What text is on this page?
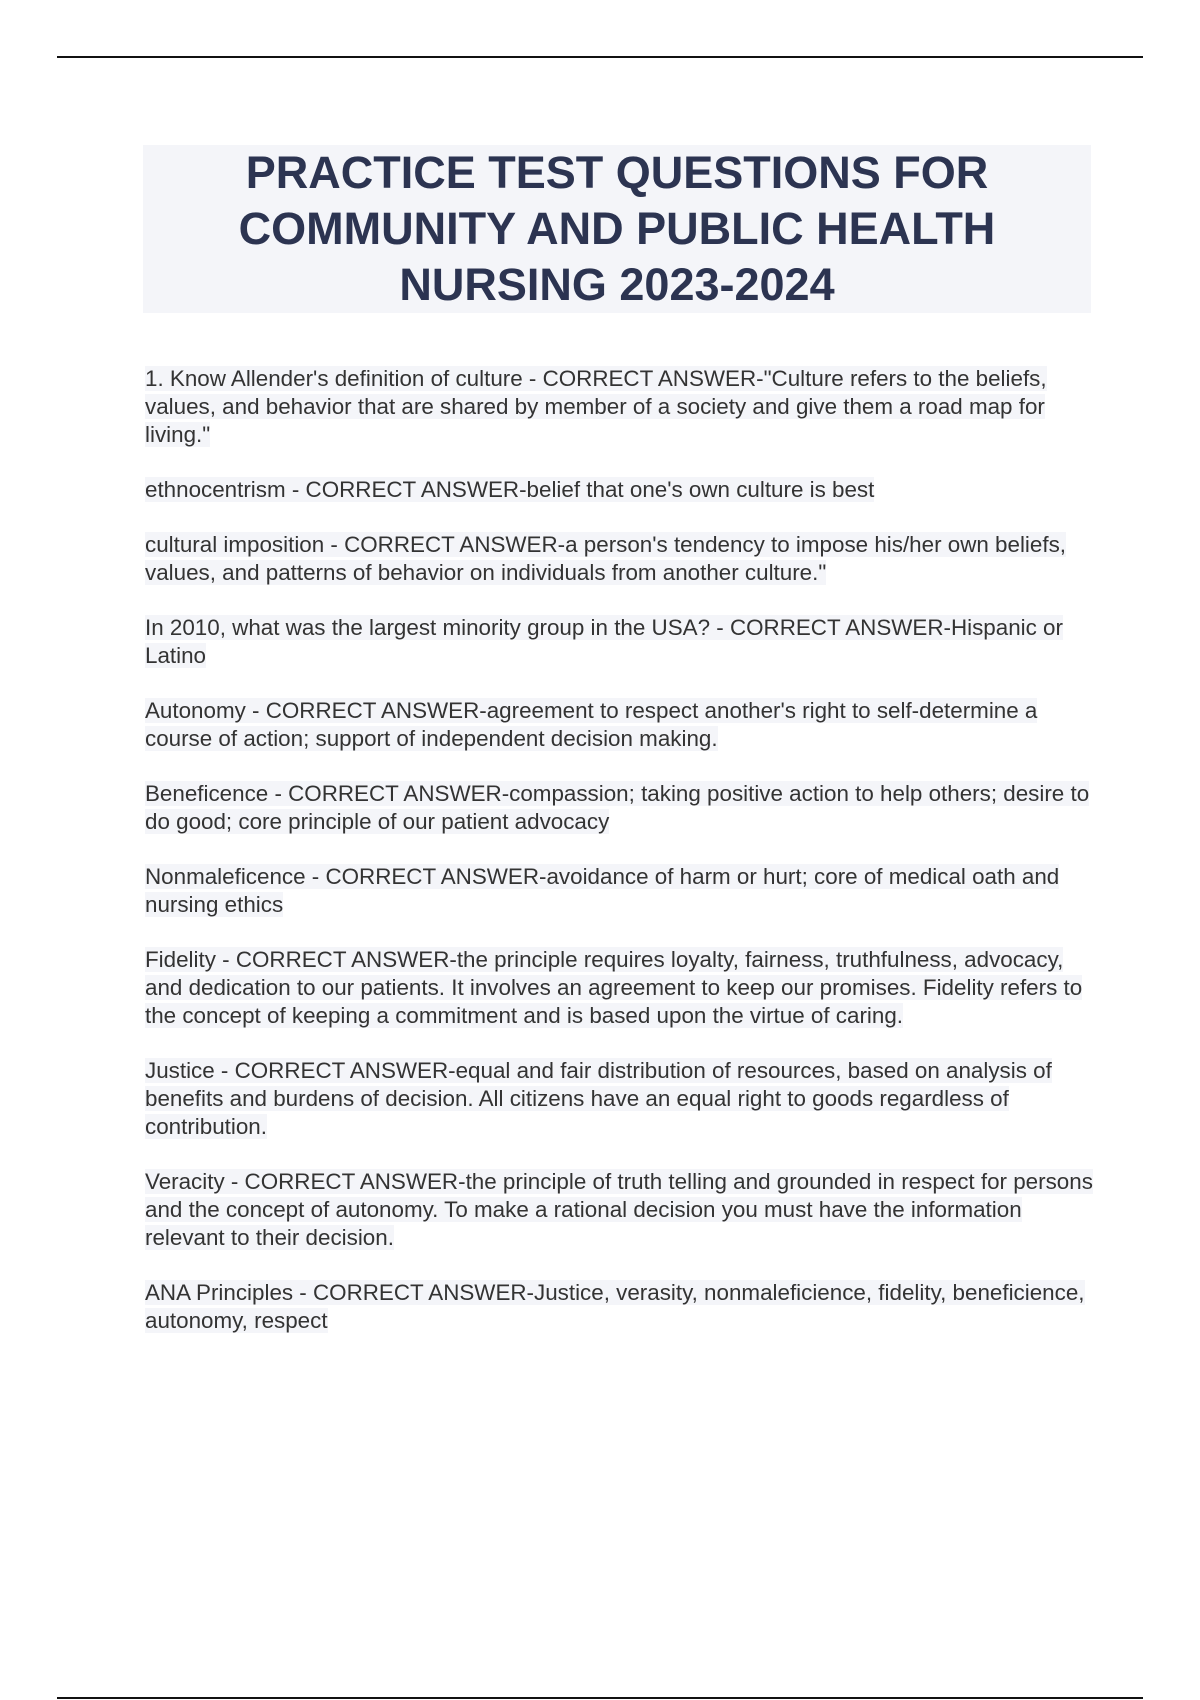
PRACTICE TEST QUESTIONS FOR COMMUNITY AND PUBLIC HEALTH NURSING 2023-2024

1. Know Allender's definition of culture - CORRECT ANSWER-"Culture refers to the beliefs, values, and behavior that are shared by member of a society and give them a road map for living."

ethnocentrism - CORRECT ANSWER-belief that one's own culture is best

cultural imposition - CORRECT ANSWER-a person's tendency to impose his/her own beliefs, values, and patterns of behavior on individuals from another culture."

In 2010, what was the largest minority group in the USA? - CORRECT ANSWER-Hispanic or Latino

Autonomy - CORRECT ANSWER-agreement to respect another's right to self-determine a course of action; support of independent decision making.

Beneficence - CORRECT ANSWER-compassion; taking positive action to help others; desire to do good; core principle of our patient advocacy

Nonmaleficence - CORRECT ANSWER-avoidance of harm or hurt; core of medical oath and nursing ethics

Fidelity - CORRECT ANSWER-the principle requires loyalty, fairness, truthfulness, advocacy, and dedication to our patients. It involves an agreement to keep our promises. Fidelity refers to the concept of keeping a commitment and is based upon the virtue of caring.

Justice - CORRECT ANSWER-equal and fair distribution of resources, based on analysis of benefits and burdens of decision. All citizens have an equal right to goods regardless of contribution.

Veracity - CORRECT ANSWER-the principle of truth telling and grounded in respect for persons and the concept of autonomy. To make a rational decision you must have the information relevant to their decision.

ANA Principles - CORRECT ANSWER-Justice, verasity, nonmaleficience, fidelity, beneficience, autonomy, respect
